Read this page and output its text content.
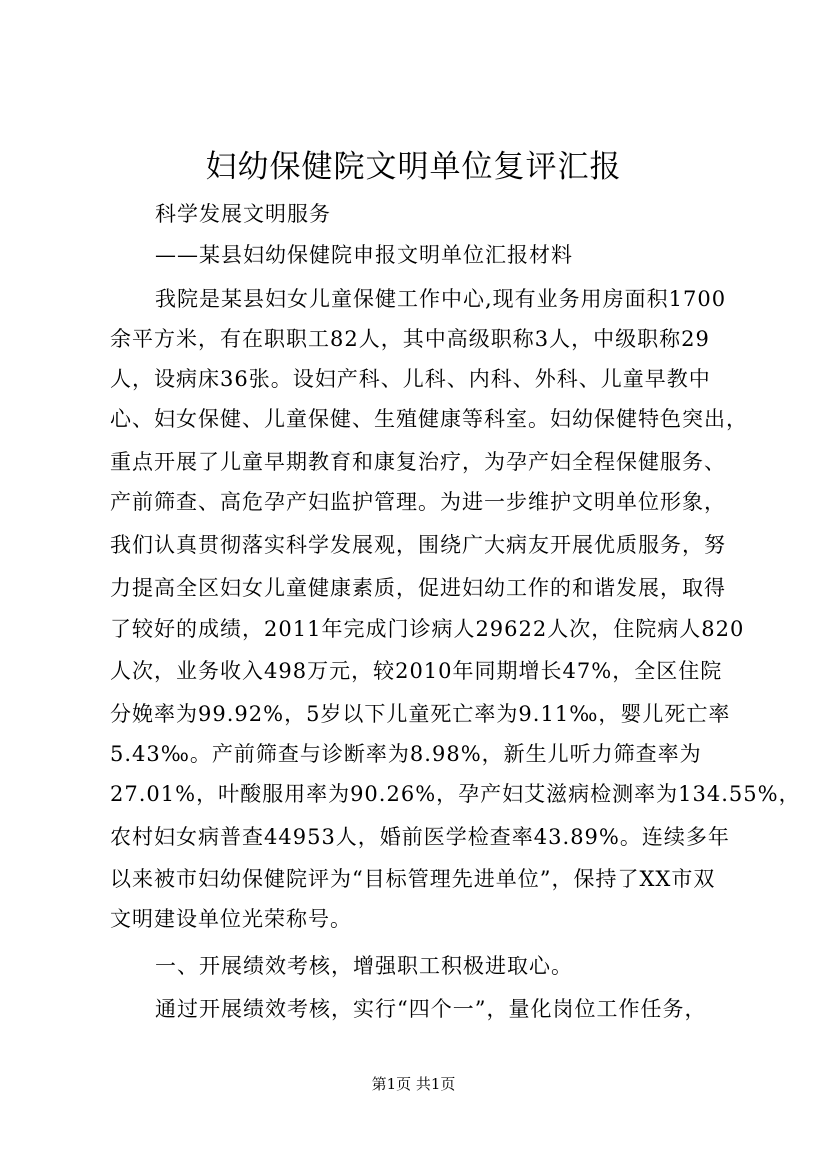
妇幼保健院文明单位复评汇报
科学发展文明服务
——某县妇幼保健院申报文明单位汇报材料
我院是某县妇女儿童保健工作中心,现有业务用房面积1700
余平方米，有在职职工82人，其中高级职称3人，中级职称29
人，设病床36张。设妇产科、儿科、内科、外科、儿童早教中
心、妇女保健、儿童保健、生殖健康等科室。妇幼保健特色突出，
重点开展了儿童早期教育和康复治疗，为孕产妇全程保健服务、
产前筛查、高危孕产妇监护管理。为进一步维护文明单位形象，
我们认真贯彻落实科学发展观，围绕广大病友开展优质服务，努
力提高全区妇女儿童健康素质，促进妇幼工作的和谐发展，取得
了较好的成绩，2011年完成门诊病人29622人次，住院病人820
人次，业务收入498万元，较2010年同期增长47%，全区住院
分娩率为99.92%，5岁以下儿童死亡率为9.11‰，婴儿死亡率
5.43‰。产前筛查与诊断率为8.98%，新生儿听力筛查率为
27.01%，叶酸服用率为90.26%，孕产妇艾滋病检测率为134.55%，
农村妇女病普查44953人，婚前医学检查率43.89%。连续多年
以来被市妇幼保健院评为“目标管理先进单位”，保持了XX市双
文明建设单位光荣称号。
一、开展绩效考核，增强职工积极进取心。
通过开展绩效考核，实行“四个一”，量化岗位工作任务，
第1页 共1页
